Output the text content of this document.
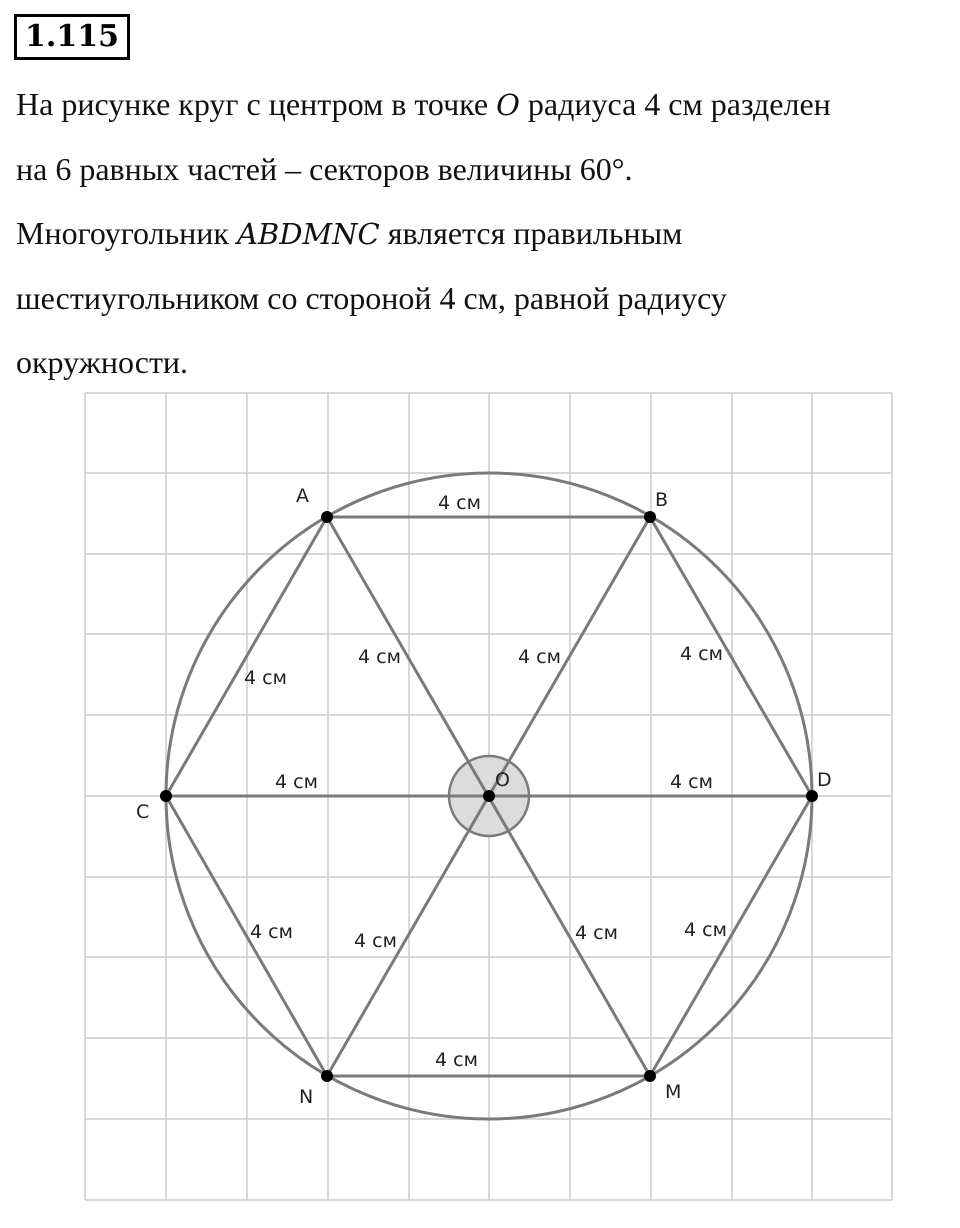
1.115

На рисунке круг с центром в точке O радиуса 4 см разделен

на 6 равных частей – секторов величины 60°.

Многоугольник ABDMNC является правильным

шестиугольником со стороной 4 см, равной радиусу

окружности.

A	B
C
D
M
N
O
4 см
4 см
4 см	4 см	4 см
4 см	4 см
4 см	4 см	4 см	4 см
4 см
